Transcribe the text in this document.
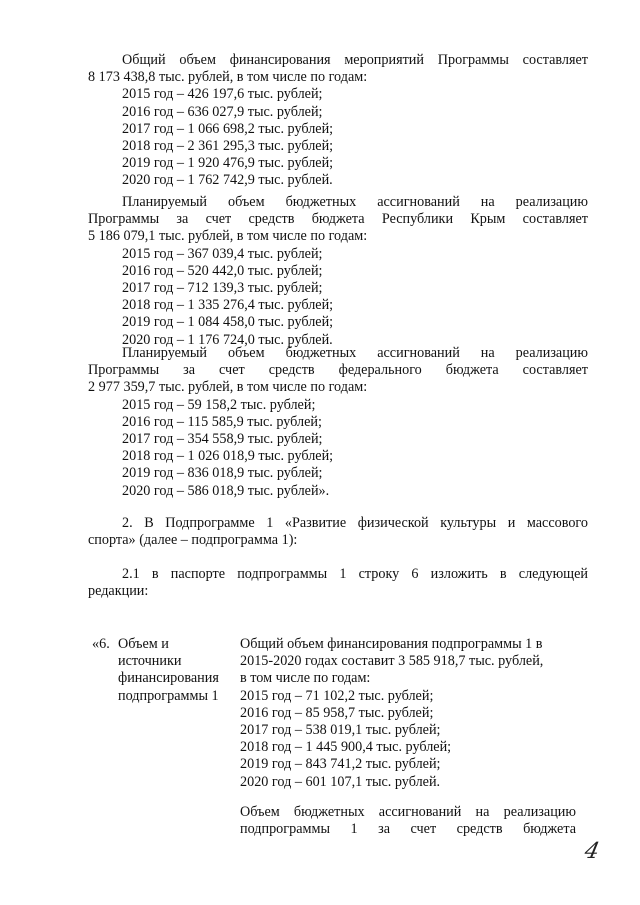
Общий объем финансирования мероприятий Программы составляет
8 173 438,8 тыс. рублей, в том числе по годам:
2015 год – 426 197,6 тыс. рублей;
2016 год – 636 027,9 тыс. рублей;
2017 год – 1 066 698,2 тыс. рублей;
2018 год – 2 361 295,3 тыс. рублей;
2019 год – 1 920 476,9 тыс. рублей;
2020 год – 1 762 742,9 тыс. рублей.
Планируемый объем бюджетных ассигнований на реализацию
Программы за счет средств бюджета Республики Крым составляет
5 186 079,1 тыс. рублей, в том числе по годам:
2015 год – 367 039,4 тыс. рублей;
2016 год – 520 442,0 тыс. рублей;
2017 год – 712 139,3 тыс. рублей;
2018 год – 1 335 276,4 тыс. рублей;
2019 год – 1 084 458,0 тыс. рублей;
2020 год – 1 176 724,0 тыс. рублей.
Планируемый объем бюджетных ассигнований на реализацию
Программы за счет средств федерального бюджета составляет
2 977 359,7 тыс. рублей, в том числе по годам:
2015 год – 59 158,2 тыс. рублей;
2016 год – 115 585,9 тыс. рублей;
2017 год – 354 558,9 тыс. рублей;
2018 год – 1 026 018,9 тыс. рублей;
2019 год – 836 018,9 тыс. рублей;
2020 год – 586 018,9 тыс. рублей».
2. В Подпрограмме 1 «Развитие физической культуры и массового
спорта» (далее – подпрограмма 1):
2.1 в паспорте подпрограммы 1 строку 6 изложить в следующей
редакции:
«6. Объем и
источники
финансирования
подпрограммы 1
Общий объем финансирования подпрограммы 1 в
2015-2020 годах составит 3 585 918,7 тыс. рублей,
в том числе по годам:
2015 год – 71 102,2 тыс. рублей;
2016 год – 85 958,7 тыс. рублей;
2017 год – 538 019,1 тыс. рублей;
2018 год – 1 445 900,4 тыс. рублей;
2019 год – 843 741,2 тыс. рублей;
2020 год – 601 107,1 тыс. рублей.
Объем бюджетных ассигнований на реализацию
подпрограммы 1 за счет средств бюджета
4
